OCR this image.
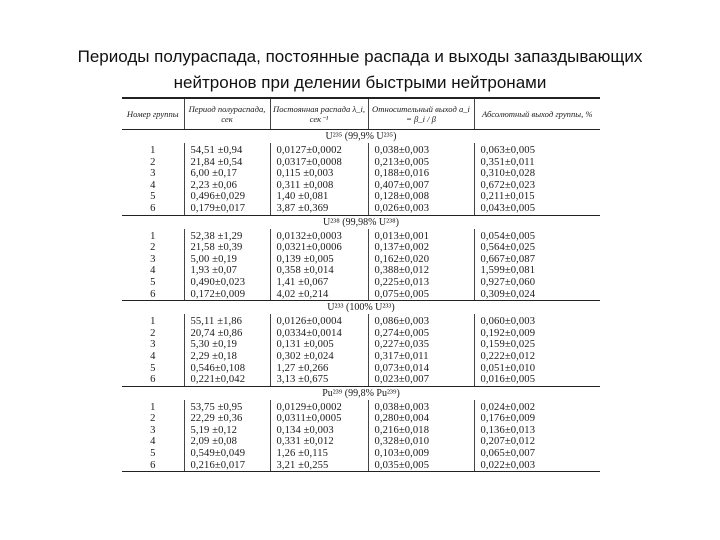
Периоды полураспада, постоянные распада и выходы запаздывающих
нейтронов при делении быстрыми нейтронами
Номер группы	Период полураспада, сек	Постоянная распада λ_i, сек⁻¹	Относительный выход a_i = β_i / β	Абсолютный выход группы, %
U²³⁵ (99,9% U²³⁵)				
1	54,51 ±0,94	0,0127±0,0002	0,038±0,003	0,063±0,005
2	21,84 ±0,54	0,0317±0,0008	0,213±0,005	0,351±0,011
3	6,00 ±0,17	0,115 ±0,003	0,188±0,016	0,310±0,028
4	2,23 ±0,06	0,311 ±0,008	0,407±0,007	0,672±0,023
5	0,496±0,029	1,40 ±0,081	0,128±0,008	0,211±0,015
6	0,179±0,017	3,87 ±0,369	0,026±0,003	0,043±0,005
U²³⁸ (99,98% U²³⁸)				
1	52,38 ±1,29	0,0132±0,0003	0,013±0,001	0,054±0,005
2	21,58 ±0,39	0,0321±0,0006	0,137±0,002	0,564±0,025
3	5,00 ±0,19	0,139 ±0,005	0,162±0,020	0,667±0,087
4	1,93 ±0,07	0,358 ±0,014	0,388±0,012	1,599±0,081
5	0,490±0,023	1,41 ±0,067	0,225±0,013	0,927±0,060
6	0,172±0,009	4,02 ±0,214	0,075±0,005	0,309±0,024
U²³³ (100% U²³³)				
1	55,11 ±1,86	0,0126±0,0004	0,086±0,003	0,060±0,003
2	20,74 ±0,86	0,0334±0,0014	0,274±0,005	0,192±0,009
3	5,30 ±0,19	0,131 ±0,005	0,227±0,035	0,159±0,025
4	2,29 ±0,18	0,302 ±0,024	0,317±0,011	0,222±0,012
5	0,546±0,108	1,27 ±0,266	0,073±0,014	0,051±0,010
6	0,221±0,042	3,13 ±0,675	0,023±0,007	0,016±0,005
Pu²³⁹ (99,8% Pu²³⁹)				
1	53,75 ±0,95	0,0129±0,0002	0,038±0,003	0,024±0,002
2	22,29 ±0,36	0,0311±0,0005	0,280±0,004	0,176±0,009
3	5,19 ±0,12	0,134 ±0,003	0,216±0,018	0,136±0,013
4	2,09 ±0,08	0,331 ±0,012	0,328±0,010	0,207±0,012
5	0,549±0,049	1,26 ±0,115	0,103±0,009	0,065±0,007
6	0,216±0,017	3,21 ±0,255	0,035±0,005	0,022±0,003
